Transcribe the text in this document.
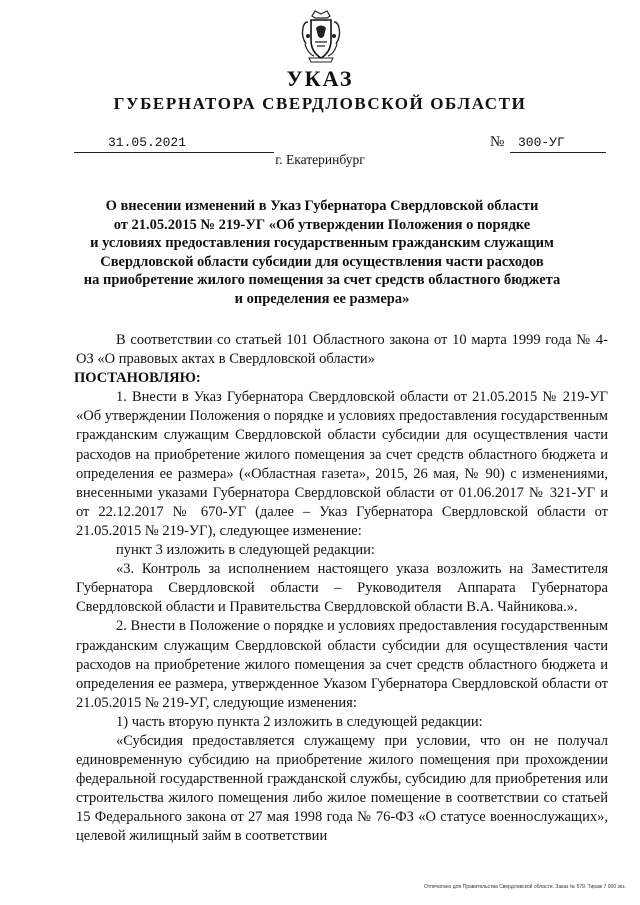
УКАЗ
ГУБЕРНАТОРА СВЕРДЛОВСКОЙ ОБЛАСТИ
31.05.2021	№ 300-УГ
г. Екатеринбург
О внесении изменений в Указ Губернатора Свердловской области
от 21.05.2015 № 219-УГ «Об утверждении Положения о порядке
и условиях предоставления государственным гражданским служащим
Свердловской области субсидии для осуществления части расходов
на приобретение жилого помещения за счет средств областного бюджета
и определения ее размера»

В соответствии со статьей 101 Областного закона от 10 марта 1999 года № 4-ОЗ «О правовых актах в Свердловской области»

ПОСТАНОВЛЯЮ:

1. Внести в Указ Губернатора Свердловской области от 21.05.2015 № 219-УГ «Об утверждении Положения о порядке и условиях предоставления государственным гражданским служащим Свердловской области субсидии для осуществления части расходов на приобретение жилого помещения за счет средств областного бюджета и определения ее размера» («Областная газета», 2015, 26 мая, № 90) с изменениями, внесенными указами Губернатора Свердловской области от 01.06.2017 № 321-УГ и от 22.12.2017 № 670-УГ (далее – Указ Губернатора Свердловской области от 21.05.2015 № 219-УГ), следующее изменение:

пункт 3 изложить в следующей редакции:

«3. Контроль за исполнением настоящего указа возложить на Заместителя Губернатора Свердловской области – Руководителя Аппарата Губернатора Свердловской области и Правительства Свердловской области В.А. Чайникова.».

2. Внести в Положение о порядке и условиях предоставления государственным гражданским служащим Свердловской области субсидии для осуществления части расходов на приобретение жилого помещения за счет средств областного бюджета и определения ее размера, утвержденное Указом Губернатора Свердловской области от 21.05.2015 № 219-УГ, следующие изменения:

1) часть вторую пункта 2 изложить в следующей редакции:

«Субсидия предоставляется служащему при условии, что он не получал единовременную субсидию на приобретение жилого помещения при прохождении федеральной государственной гражданской службы, субсидию для приобретения или строительства жилого помещения либо жилое помещение в соответствии со статьей 15 Федерального закона от 27 мая 1998 года № 76-ФЗ «О статусе военнослужащих», целевой жилищный займ в соответствии

Отпечатано для Правительства Свердловской области. Заказ № 579. Тираж 7 000 экз.
